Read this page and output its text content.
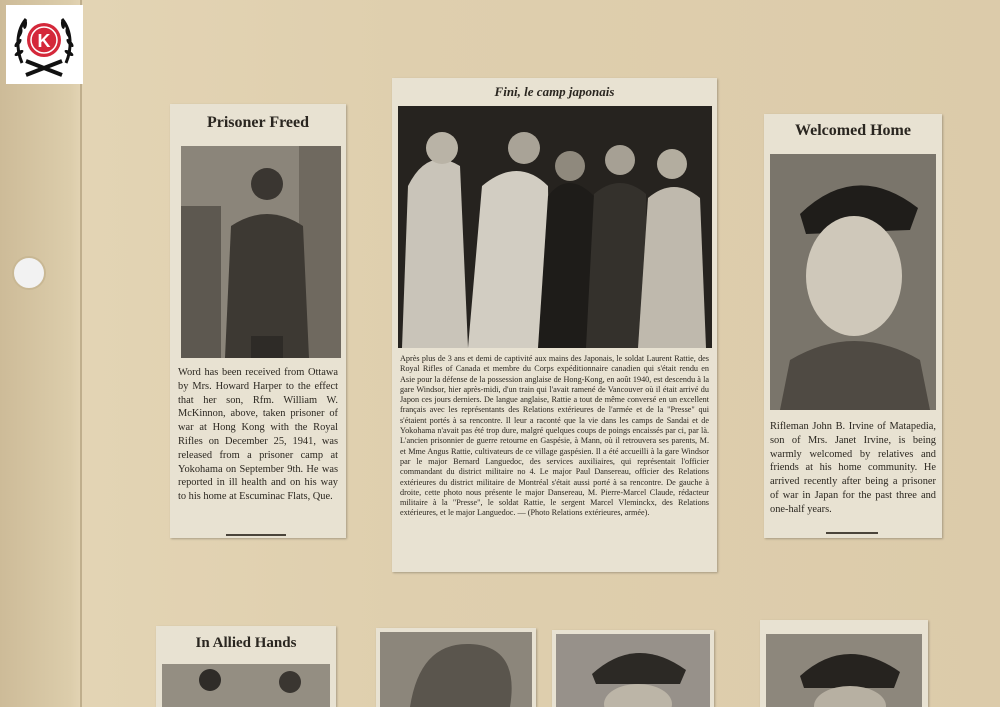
K
Prisoner Freed

Word has been received from Ottawa by Mrs. Howard Harper to the effect that her son, Rfm. William W. McKinnon, above, taken prisoner of war at Hong Kong with the Royal Rifles on December 25, 1941, was released from a prisoner camp at Yokohama on September 9th. He was reported in ill health and on his way to his home at Escuminac Flats, Que.

Fini, le camp japonais

Après plus de 3 ans et demi de captivité aux mains des Japonais, le soldat Laurent Rattie, des Royal Rifles of Canada et membre du Corps expéditionnaire canadien qui s'était rendu en Asie pour la défense de la possession anglaise de Hong-Kong, en août 1940, est descendu à la gare Windsor, hier après-midi, d'un train qui l'avait ramené de Vancouver où il était arrivé du Japon ces jours derniers. De langue anglaise, Rattie a tout de même conversé en un excellent français avec les représentants des Relations extérieures de l'armée et de la "Presse" qui s'étaient portés à sa rencontre. Il leur a raconté que la vie dans les camps de Sandai et de Yokohama n'avait pas été trop dure, malgré quelques coups de poings encaissés par ci, par là. L'ancien prisonnier de guerre retourne en Gaspésie, à Mann, où il retrouvera ses parents, M. et Mme Angus Rattie, cultivateurs de ce village gaspésien. Il a été accueilli à la gare Windsor par le major Bernard Languedoc, des services auxiliaires, qui représentait l'officier commandant du district militaire no 4. Le major Paul Dansereau, officier des Relations extérieures du district militaire de Montréal s'était aussi porté à sa rencontre. De gauche à droite, cette photo nous présente le major Dansereau, M. Pierre-Marcel Claude, rédacteur militaire à la "Presse", le soldat Rattie, le sergent Marcel Vleminckx, des Relations extérieures, et le major Languedoc. — (Photo Relations extérieures, armée).

Welcomed Home

Rifleman John B. Irvine of Matapedia, son of Mrs. Janet Irvine, is being warmly welcomed by relatives and friends at his home community. He arrived recently after being a prisoner of war in Japan for the past three and one-half years.

In Allied Hands
